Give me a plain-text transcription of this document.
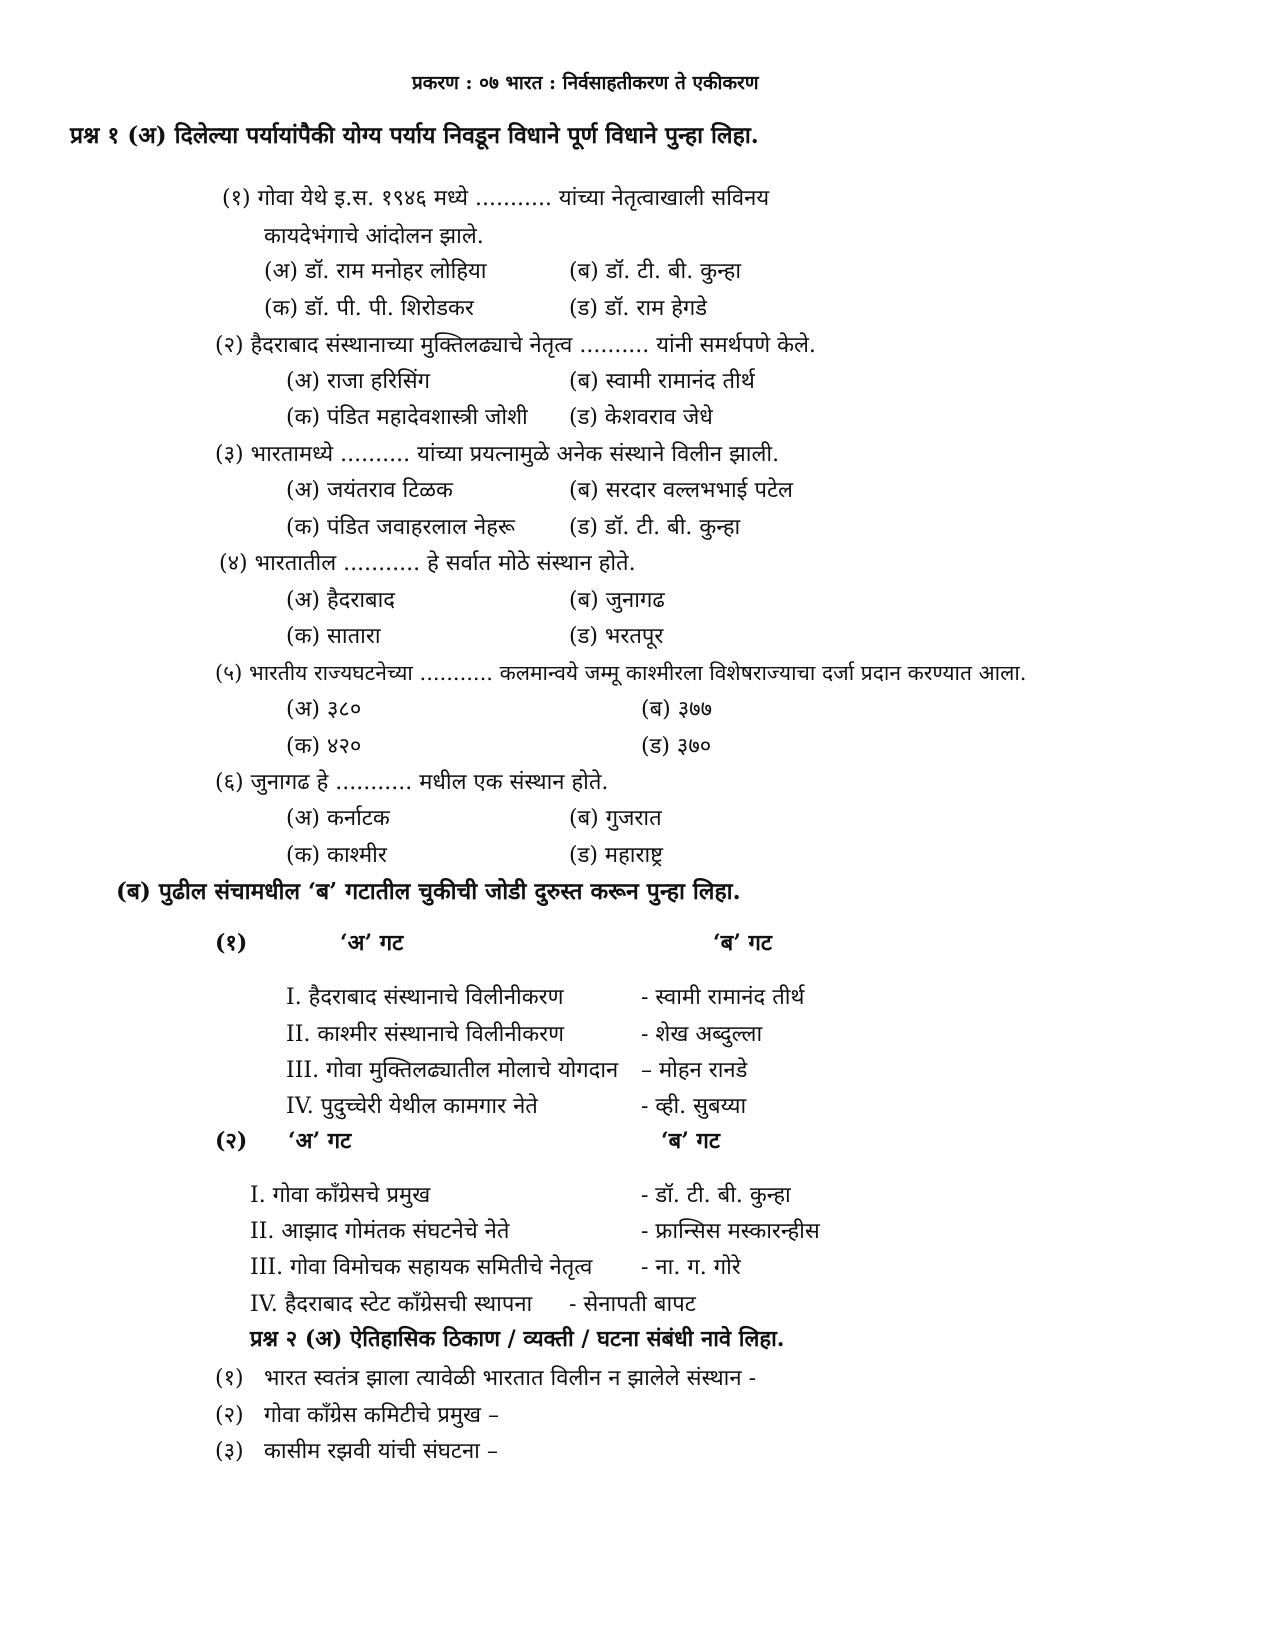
प्रकरण : ०७ भारत : निर्वसाहतीकरण ते एकीकरण
प्रश्न १ (अ) दिलेल्या पर्यायांपैकी योग्य पर्याय निवडून विधाने पूर्ण विधाने पुन्हा लिहा.
(१) गोवा येथे इ.स. १९४६ मध्ये ........... यांच्या नेतृत्वाखाली सविनय
कायदेभंगाचे आंदोलन झाले.
(अ) डॉ. राम मनोहर लोहिया	(ब) डॉ. टी. बी. कुन्हा
(क) डॉ. पी. पी. शिरोडकर	(ड) डॉ. राम हेगडे
(२) हैदराबाद संस्थानाच्या मुक्तिलढ्याचे नेतृत्व .......... यांनी समर्थपणे केले.
(अ) राजा हरिसिंग	(ब) स्वामी रामानंद तीर्थ
(क) पंडित महादेवशास्त्री जोशी (ड) केशवराव जेधे
(३) भारतामध्ये .......... यांच्या प्रयत्नामुळे अनेक संस्थाने विलीन झाली.
(अ) जयंतराव टिळक	(ब) सरदार वल्लभभाई पटेल
(क) पंडित जवाहरलाल नेहरू (ड) डॉ. टी. बी. कुन्हा
(४) भारतातील ........... हे सर्वात मोठे संस्थान होते.
(अ) हैदराबाद	(ब) जुनागढ
(क) सातारा	(ड) भरतपूर
(५) भारतीय राज्यघटनेच्या ........... कलमान्वये जम्मू काश्मीरला विशेषराज्याचा दर्जा प्रदान करण्यात आला.
(अ) ३८०	(ब) ३७७
(क) ४२०	(ड) ३७०
(६) जुनागढ हे ........... मधील एक संस्थान होते.
(अ) कर्नाटक	(ब) गुजरात
(क) काश्मीर	(ड) महाराष्ट्र
(ब) पुढील संचामधील ‘ब’ गटातील चुकीची जोडी दुरुस्त करून पुन्हा लिहा.
(१)	‘अ’ गट	‘ब’ गट
I. हैदराबाद संस्थानाचे विलीनीकरण	- स्वामी रामानंद तीर्थ
II. काश्मीर संस्थानाचे विलीनीकरण	- शेख अब्दुल्ला
III. गोवा मुक्तिलढ्यातील मोलाचे योगदान – मोहन रानडे
IV. पुदुच्चेरी येथील कामगार नेते	- व्ही. सुबय्या
(२) ‘अ’ गट	‘ब’ गट
I. गोवा कॉंग्रेसचे प्रमुख	- डॉ. टी. बी. कुन्हा
II. आझाद गोमंतक संघटनेचे नेते	- फ्रान्सिस मस्कारन्हीस
III. गोवा विमोचक सहायक समितीचे नेतृत्व - ना. ग. गोरे
IV. हैदराबाद स्टेट कॉंग्रेसची स्थापना - सेनापती बापट
प्रश्न २ (अ) ऐतिहासिक ठिकाण / व्यक्ती / घटना संबंधी नावे लिहा.
(१) भारत स्वतंत्र झाला त्यावेळी भारतात विलीन न झालेले संस्थान -
(२) गोवा कॉंग्रेस कमिटीचे प्रमुख –
(३) कासीम रझवी यांची संघटना –
